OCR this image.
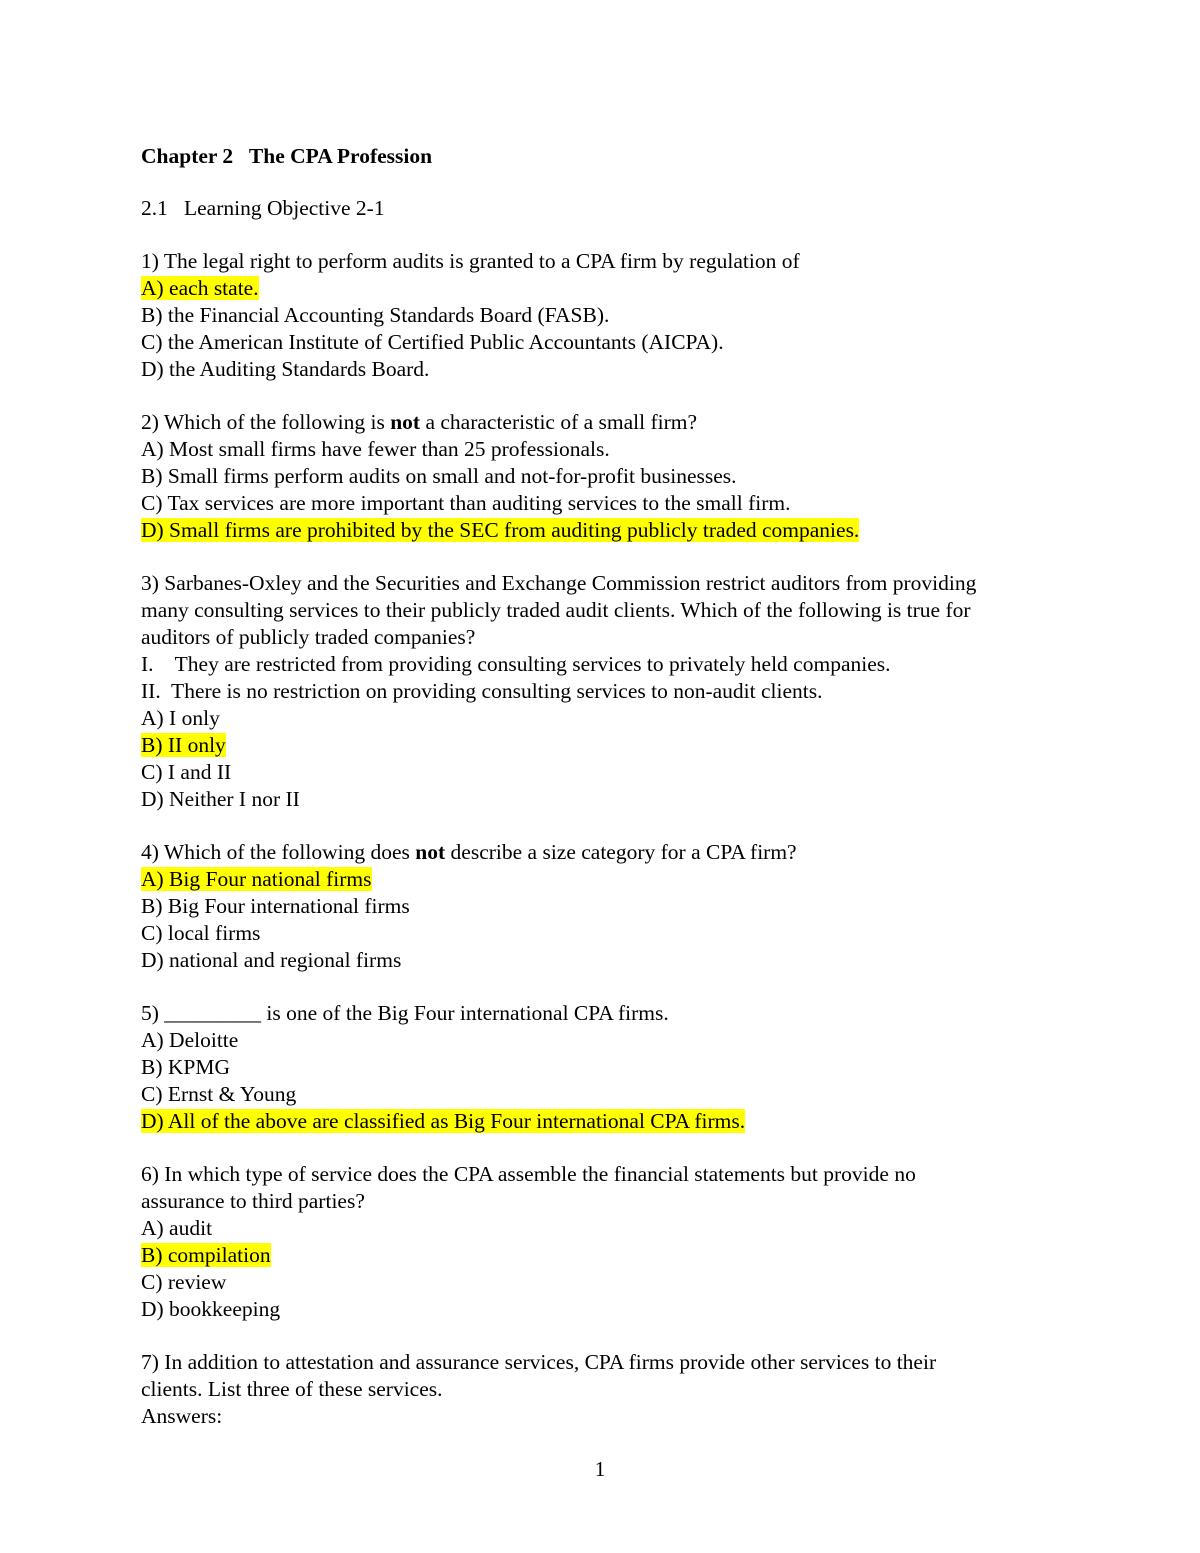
Chapter 2   The CPA Profession
2.1   Learning Objective 2-1
1) The legal right to perform audits is granted to a CPA firm by regulation of
A) each state.
B) the Financial Accounting Standards Board (FASB).
C) the American Institute of Certified Public Accountants (AICPA).
D) the Auditing Standards Board.
2) Which of the following is not a characteristic of a small firm?
A) Most small firms have fewer than 25 professionals.
B) Small firms perform audits on small and not-for-profit businesses.
C) Tax services are more important than auditing services to the small firm.
D) Small firms are prohibited by the SEC from auditing publicly traded companies.
3) Sarbanes-Oxley and the Securities and Exchange Commission restrict auditors from providing
many consulting services to their publicly traded audit clients. Which of the following is true for
auditors of publicly traded companies?
I.    They are restricted from providing consulting services to privately held companies.
II.  There is no restriction on providing consulting services to non-audit clients.
A) I only
B) II only
C) I and II
D) Neither I nor II
4) Which of the following does not describe a size category for a CPA firm?
A) Big Four national firms
B) Big Four international firms
C) local firms
D) national and regional firms
5) _________ is one of the Big Four international CPA firms.
A) Deloitte
B) KPMG
C) Ernst & Young
D) All of the above are classified as Big Four international CPA firms.
6) In which type of service does the CPA assemble the financial statements but provide no
assurance to third parties?
A) audit
B) compilation
C) review
D) bookkeeping
7) In addition to attestation and assurance services, CPA firms provide other services to their
clients. List three of these services.
Answers:
1
